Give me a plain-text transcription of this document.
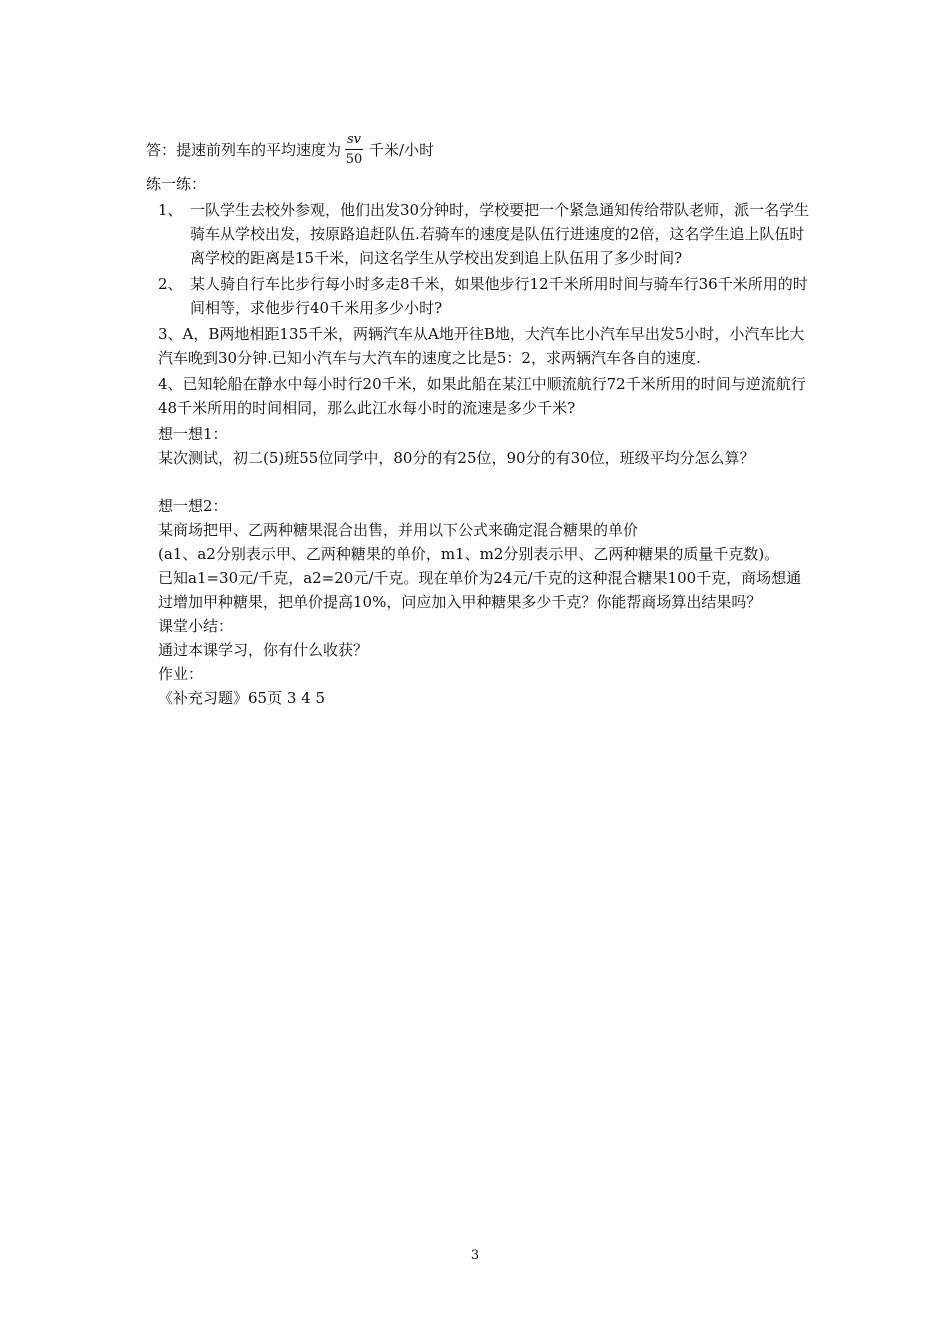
答：提速前列车的平均速度为 $\frac{sv}{50}$ 千米/小时

练一练：

1、 一队学生去校外参观，他们出发30分钟时，学校要把一个紧急通知传给带队老师，派一名学生骑车从学校出发，按原路追赶队伍.若骑车的速度是队伍行进速度的2倍，这名学生追上队伍时离学校的距离是15千米，问这名学生从学校出发到追上队伍用了多少时间?
2、 某人骑自行车比步行每小时多走8千米，如果他步行12千米所用时间与骑车行36千米所用的时间相等，求他步行40千米用多少小时?

3、A，B两地相距135千米，两辆汽车从A地开往B地，大汽车比小汽车早出发5小时，小汽车比大汽车晚到30分钟.已知小汽车与大汽车的速度之比是5：2，求两辆汽车各自的速度.

4、已知轮船在静水中每小时行20千米，如果此船在某江中顺流航行72千米所用的时间与逆流航行48千米所用的时间相同，那么此江水每小时的流速是多少千米?

想一想1：

某次测试，初二(5)班55位同学中，80分的有25位，90分的有30位，班级平均分怎么算？

想一想2：

某商场把甲、乙两种糖果混合出售，并用以下公式来确定混合糖果的单价

(a1、a2分别表示甲、乙两种糖果的单价，m1、m2分别表示甲、乙两种糖果的质量千克数)。

已知a1=30元/千克，a2=20元/千克。现在单价为24元/千克的这种混合糖果100千克，商场想通过增加甲种糖果，把单价提高10%，问应加入甲种糖果多少千克？你能帮商场算出结果吗？

课堂小结：

通过本课学习，你有什么收获？

作业：

《补充习题》65页 3 4 5

3
